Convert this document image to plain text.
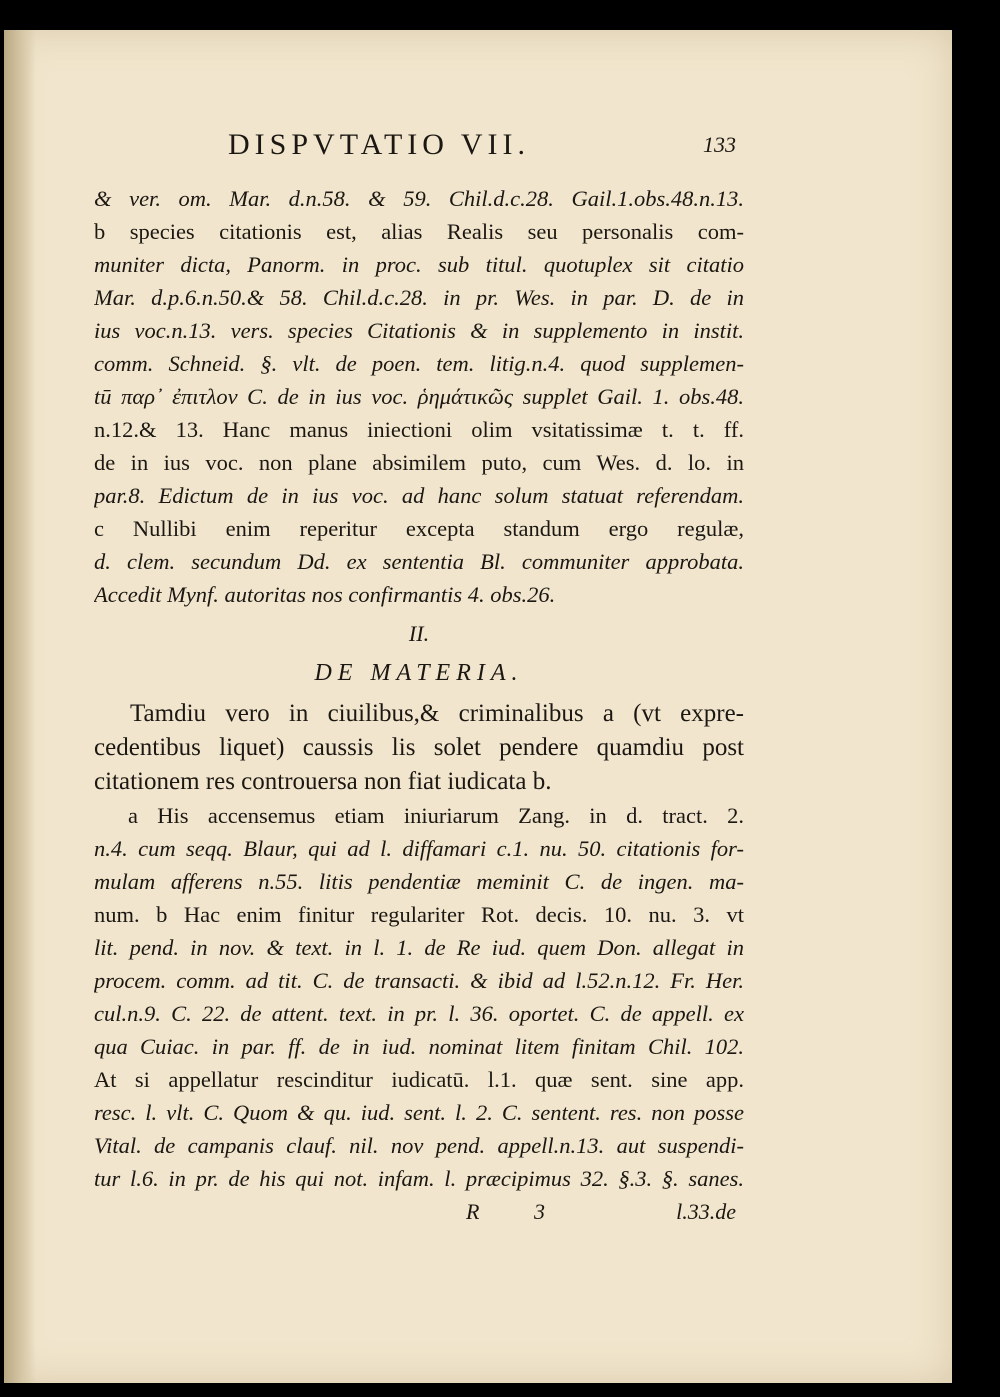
DISPVTATIO VII.	133
& ver. om. Mar. d.n.58. & 59. Chil.d.c.28. Gail.1.obs.48.n.13.
b species citationis est, alias Realis seu personalis com-
muniter dicta, Panorm. in proc. sub titul. quotuplex sit citatio
Mar. d.p.6.n.50.& 58. Chil.d.c.28. in pr. Wes. in par. D. de in
ius voc.n.13. vers. species Citationis & in supplemento in instit.
comm. Schneid. §. vlt. de poen. tem. litig.n.4. quod supplemen-
tū παρ᾽ ἐπιτλον C. de in ius voc. ῥημάτικῶς supplet Gail. 1. obs.48.
n.12.& 13. Hanc manus iniectioni olim vsitatissimæ t. t. ff.
de in ius voc. non plane absimilem puto, cum Wes. d. lo. in
par.8. Edictum de in ius voc. ad hanc solum statuat referendam.
c Nullibi enim reperitur excepta standum ergo regulæ,
d. clem. secundum Dd. ex sententia Bl. communiter approbata.
Accedit Mynf. autoritas nos confirmantis 4. obs.26.
II.
DE MATERIA.
Tamdiu vero in ciuilibus,& criminalibus a (vt expre-
cedentibus liquet) caussis lis solet pendere quamdiu post
citationem res controuersa non fiat iudicata b.
a His accensemus etiam iniuriarum Zang. in d. tract. 2.
n.4. cum seqq. Blaur, qui ad l. diffamari c.1. nu. 50. citationis for-
mulam afferens n.55. litis pendentiæ meminit C. de ingen. ma-
num. b Hac enim finitur regulariter Rot. decis. 10. nu. 3. vt
lit. pend. in nov. & text. in l. 1. de Re iud. quem Don. allegat in
procem. comm. ad tit. C. de transacti. & ibid ad l.52.n.12. Fr. Her.
cul.n.9. C. 22. de attent. text. in pr. l. 36. oportet. C. de appell. ex
qua Cuiac. in par. ff. de in iud. nominat litem finitam Chil. 102.
At si appellatur rescinditur iudicatū. l.1. quæ sent. sine app.
resc. l. vlt. C. Quom & qu. iud. sent. l. 2. C. sentent. res. non posse
Vital. de campanis clauf. nil. nov pend. appell.n.13. aut suspendi-
tur l.6. in pr. de his qui not. infam. l. præcipimus 32. §.3. §. sanes.
R 3	l.33.de
